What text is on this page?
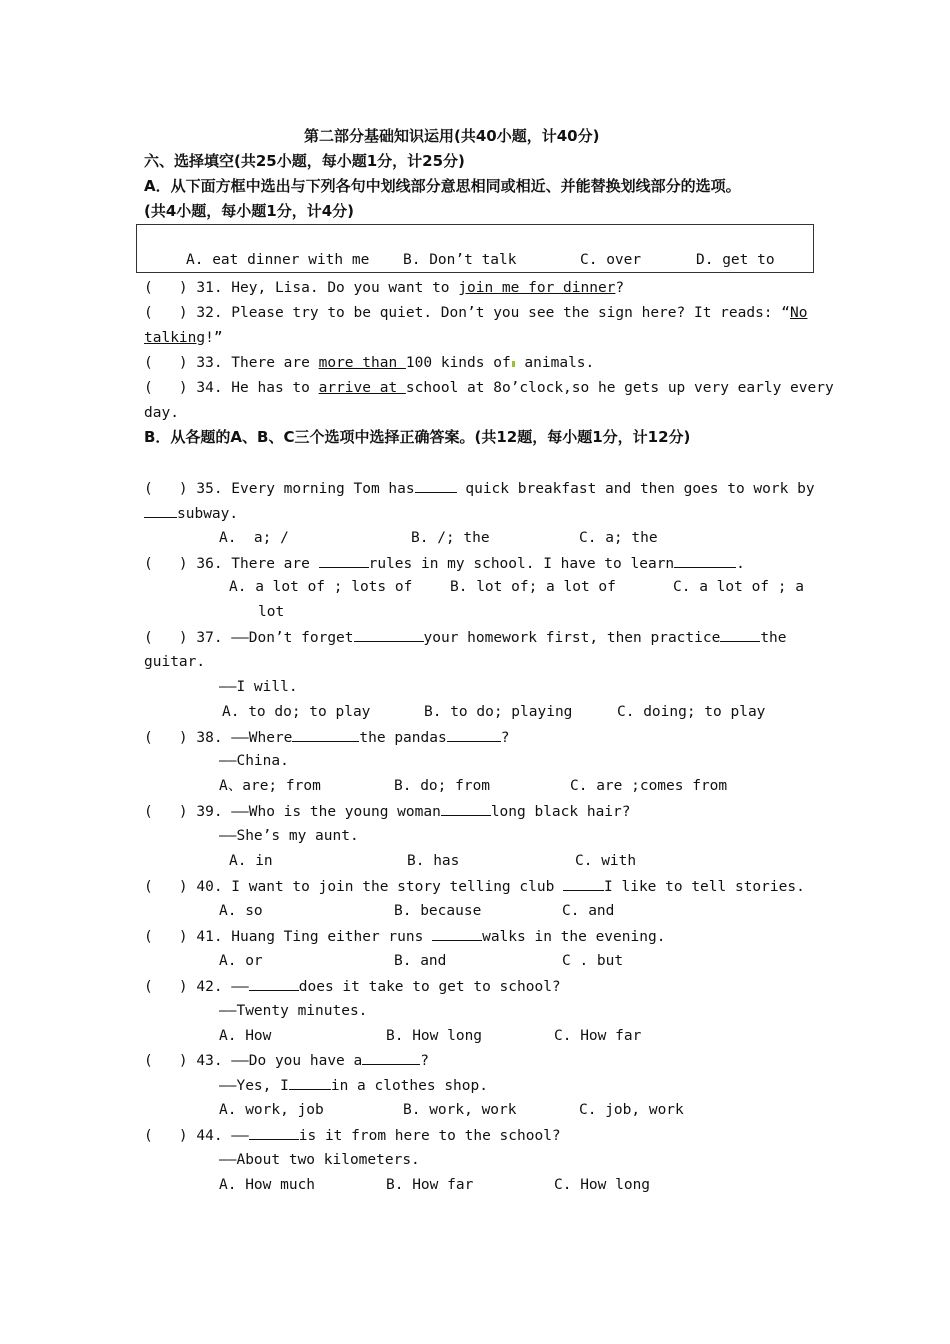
第二部分基础知识运用(共40小题，计40分)
六、选择填空(共25小题，每小题1分，计25分)
A．从下面方框中选出与下列各句中划线部分意思相同或相近、并能替换划线部分的选项。
(共4小题，每小题1分，计4分)
A. eat dinner with me B. Don’t talk	C. over	D. get to
(   ) 31. Hey, Lisa. Do you want to join me for dinner?
(   ) 32. Please try to be quiet. Don’t you see the sign here? It reads: “No
talking!”
(   ) 33. There are more than 100 kinds of animals.
(   ) 34. He has to arrive at school at 8o’clock,so he gets up very early every
day.
B．从各题的A、B、C三个选项中选择正确答案。(共12题，每小题1分，计12分)
(   ) 35. Every morning Tom has	quick breakfast and then goes to work by
subway.
A.  a; /	B. /; the	C. a; the
(   ) 36. There are	rules in my school. I have to learn	.
A. a lot of ; lots of	B. lot of; a lot of	C. a lot of ; a
lot
(   ) 37. ——Don’t forget	your homework first, then practice	the
guitar.
——I will.
A. to do; to play	B. to do; playing	C. doing; to play
(   ) 38. ——Where	the pandas	?
——China.
A、are; from	B. do; from	C. are ;comes from
(   ) 39. ——Who is the young woman	long black hair?
——She’s my aunt.
A. in	B. has	C. with
(   ) 40. I want to join the story telling club	I like to tell stories.
A. so	B. because	C. and
(   ) 41. Huang Ting either runs	walks in the evening.
A. or	B. and	C . but
(   ) 42. ——	does it take to get to school?
——Twenty minutes.
A. How	B. How long	C. How far
(   ) 43. ——Do you have a	?
——Yes, I	in a clothes shop.
A. work, job	B. work, work	C. job, work
(   ) 44. ——	is it from here to the school?
——About two kilometers.
A. How much	B. How far	C. How long
